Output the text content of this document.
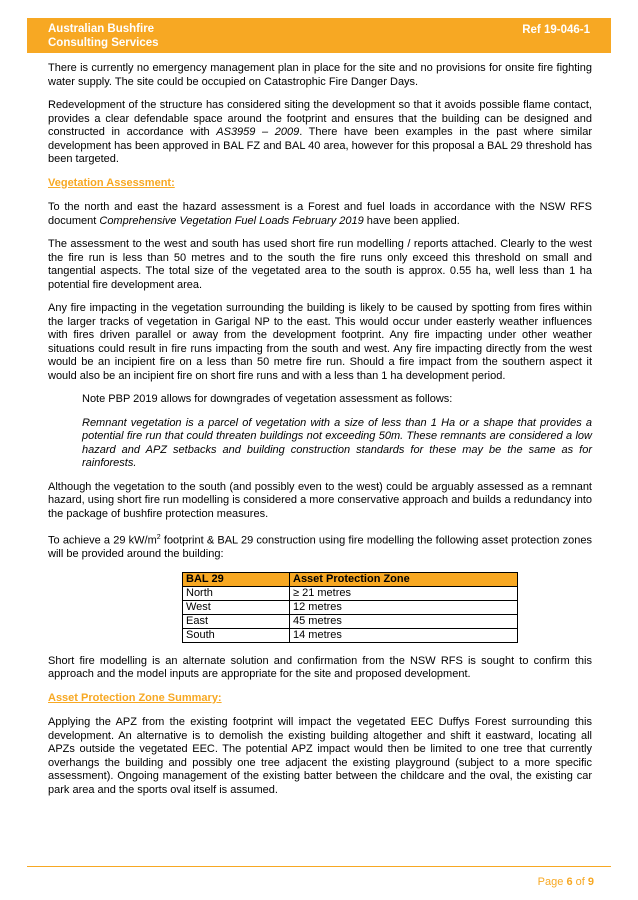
Australian Bushfire
Consulting Services
Ref 19-046-1

There is currently no emergency management plan in place for the site and no provisions for onsite fire fighting water supply. The site could be occupied on Catastrophic Fire Danger Days.

Redevelopment of the structure has considered siting the development so that it avoids possible flame contact, provides a clear defendable space around the footprint and ensures that the building can be designed and constructed in accordance with AS3959 – 2009. There have been examples in the past where similar development has been approved in BAL FZ and BAL 40 area, however for this proposal a BAL 29 threshold has been targeted.

Vegetation Assessment:

To the north and east the hazard assessment is a Forest and fuel loads in accordance with the NSW RFS document Comprehensive Vegetation Fuel Loads February 2019 have been applied.

The assessment to the west and south has used short fire run modelling / reports attached. Clearly to the west the fire run is less than 50 metres and to the south the fire runs only exceed this threshold on small and tangential aspects. The total size of the vegetated area to the south is approx. 0.55 ha, well less than 1 ha potential fire development area.

Any fire impacting in the vegetation surrounding the building is likely to be caused by spotting from fires within the larger tracks of vegetation in Garigal NP to the east. This would occur under easterly weather influences with fires driven parallel or away from the development footprint. Any fire impacting under other weather situations could result in fire runs impacting from the south and west. Any fire impacting directly from the west would be an incipient fire on a less than 50 metre fire run. Should a fire impact from the southern aspect it would also be an incipient fire on short fire runs and with a less than 1 ha development period.

Note PBP 2019 allows for downgrades of vegetation assessment as follows:

Remnant vegetation is a parcel of vegetation with a size of less than 1 Ha or a shape that provides a potential fire run that could threaten buildings not exceeding 50m. These remnants are considered a low hazard and APZ setbacks and building construction standards for these may be the same as for rainforests.

Although the vegetation to the south (and possibly even to the west) could be arguably assessed as a remnant hazard, using short fire run modelling is considered a more conservative approach and builds a redundancy into the package of bushfire protection measures.

To achieve a 29 $kW/m^2$ footprint & BAL 29 construction using fire modelling the following asset protection zones will be provided around the building:

BAL 29	Asset Protection Zone
North	≥ 21 metres
West	12 metres
East	45 metres
South	14 metres

Short fire modelling is an alternate solution and confirmation from the NSW RFS is sought to confirm this approach and the model inputs are appropriate for the site and proposed development.

Asset Protection Zone Summary:

Applying the APZ from the existing footprint will impact the vegetated EEC Duffys Forest surrounding this development. An alternative is to demolish the existing building altogether and shift it eastward, locating all APZs outside the vegetated EEC. The potential APZ impact would then be limited to one tree that currently overhangs the building and possibly one tree adjacent the existing playground (subject to a more specific assessment). Ongoing management of the existing batter between the childcare and the oval, the existing car park area and the sports oval itself is assumed.

Page 6 of 9
